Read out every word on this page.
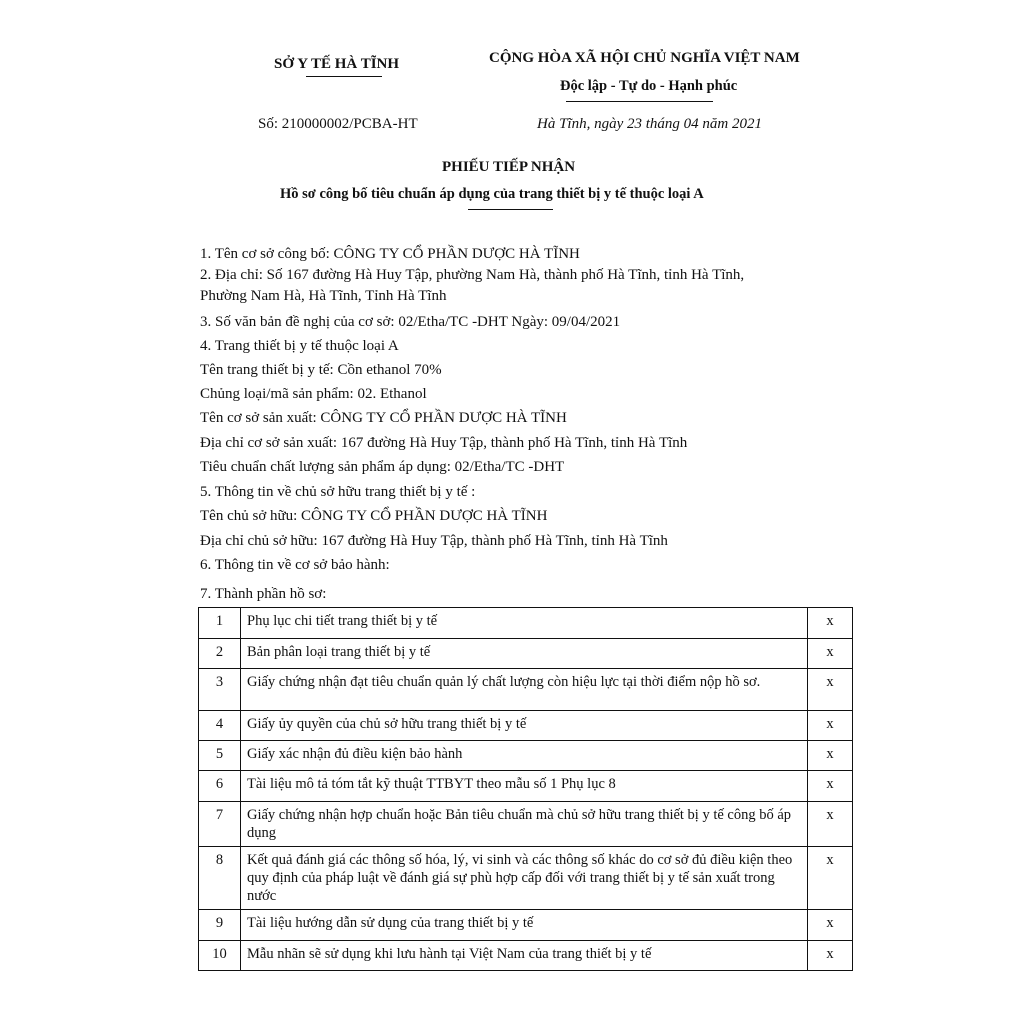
SỞ Y TẾ HÀ TĨNH	CỘNG HÒA XÃ HỘI CHỦ NGHĨA VIỆT NAM
Độc lập - Tự do - Hạnh phúc
Số: 210000002/PCBA-HT	Hà Tĩnh, ngày 23 tháng 04 năm 2021
PHIẾU TIẾP NHẬN
Hồ sơ công bố tiêu chuẩn áp dụng của trang thiết bị y tế thuộc loại A
1. Tên cơ sở công bố: CÔNG TY CỔ PHẦN DƯỢC HÀ TĨNH
2. Địa chỉ: Số 167 đường Hà Huy Tập, phường Nam Hà, thành phố Hà Tĩnh, tỉnh Hà Tĩnh,
Phường Nam Hà, Hà Tĩnh, Tỉnh Hà Tĩnh
3. Số văn bản đề nghị của cơ sở: 02/Etha/TC -DHT Ngày: 09/04/2021
4. Trang thiết bị y tế thuộc loại A
Tên trang thiết bị y tế: Cồn ethanol 70%
Chủng loại/mã sản phẩm: 02. Ethanol
Tên cơ sở sản xuất: CÔNG TY CỔ PHẦN DƯỢC HÀ TĨNH
Địa chỉ cơ sở sản xuất: 167 đường Hà Huy Tập, thành phố Hà Tĩnh, tỉnh Hà Tĩnh
Tiêu chuẩn chất lượng sản phẩm áp dụng: 02/Etha/TC -DHT
5. Thông tin về chủ sở hữu trang thiết bị y tế :
Tên chủ sở hữu: CÔNG TY CỔ PHẦN DƯỢC HÀ TĨNH
Địa chỉ chủ sở hữu: 167 đường Hà Huy Tập, thành phố Hà Tĩnh, tỉnh Hà Tĩnh
6. Thông tin về cơ sở bảo hành:
7. Thành phần hồ sơ:
1	Phụ lục chi tiết trang thiết bị y tế	x
2	Bản phân loại trang thiết bị y tế	x
3	Giấy chứng nhận đạt tiêu chuẩn quản lý chất lượng còn hiệu lực tại thời điểm nộp hồ sơ.	x
4	Giấy ủy quyền của chủ sở hữu trang thiết bị y tế	x
5	Giấy xác nhận đủ điều kiện bảo hành	x
6	Tài liệu mô tả tóm tắt kỹ thuật TTBYT theo mẫu số 1 Phụ lục 8	x
7	Giấy chứng nhận hợp chuẩn hoặc Bản tiêu chuẩn mà chủ sở hữu trang thiết bị y tế công bố áp dụng	x
8	Kết quả đánh giá các thông số hóa, lý, vi sinh và các thông số khác do cơ sở đủ điều kiện theo quy định của pháp luật về đánh giá sự phù hợp cấp đối với trang thiết bị y tế sản xuất trong nước	x
9	Tài liệu hướng dẫn sử dụng của trang thiết bị y tế	x
10	Mẫu nhãn sẽ sử dụng khi lưu hành tại Việt Nam của trang thiết bị y tế	x
